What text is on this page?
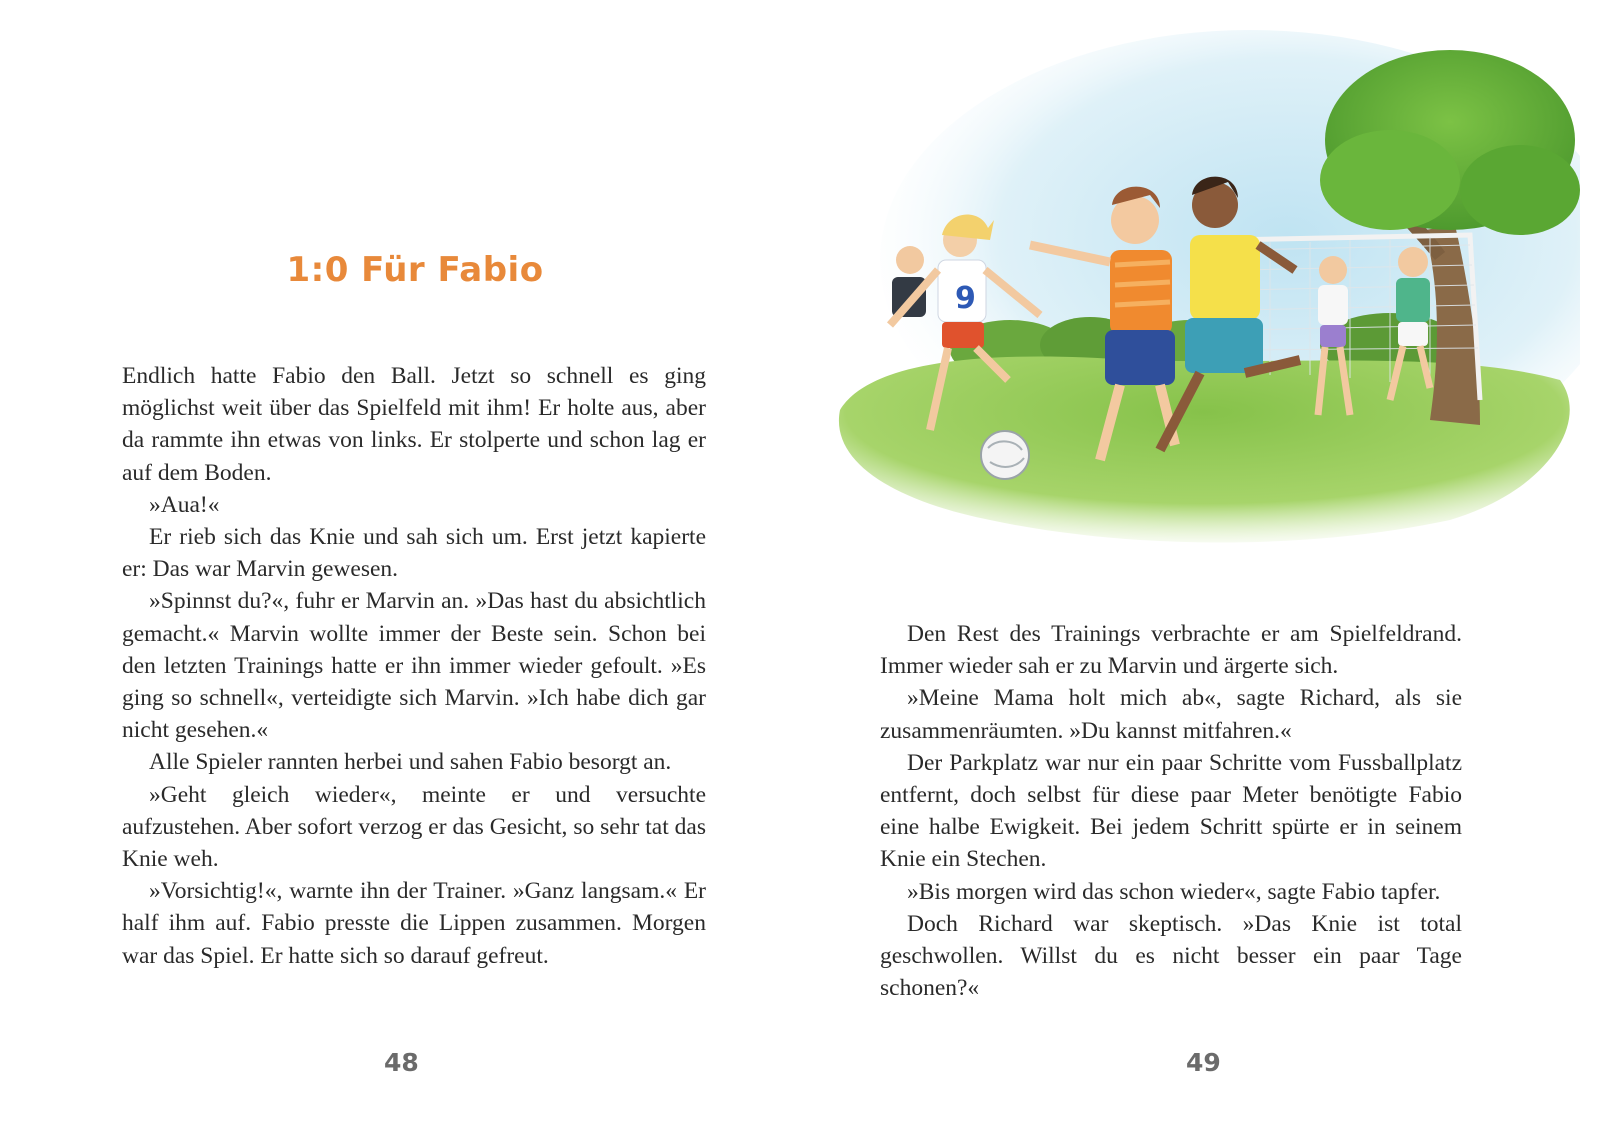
1:0 Für Fabio

Endlich hatte Fabio den Ball. Jetzt so schnell es ging möglichst weit über das Spielfeld mit ihm! Er holte aus, aber da rammte ihn etwas von links. Er stolperte und schon lag er auf dem Boden.

»Aua!«

Er rieb sich das Knie und sah sich um. Erst jetzt kapierte er: Das war Marvin gewesen.

»Spinnst du?«, fuhr er Marvin an. »Das hast du absichtlich gemacht.« Marvin wollte immer der Beste sein. Schon bei den letzten Trainings hatte er ihn immer wieder gefoult. »Es ging so schnell«, verteidigte sich Marvin. »Ich habe dich gar nicht gesehen.«

Alle Spieler rannten herbei und sahen Fabio besorgt an.

»Geht gleich wieder«, meinte er und versuchte aufzustehen. Aber sofort verzog er das Gesicht, so sehr tat das Knie weh.

»Vorsichtig!«, warnte ihn der Trainer. »Ganz langsam.« Er half ihm auf. Fabio presste die Lippen zusammen. Morgen war das Spiel. Er hatte sich so darauf gefreut.

48
9

Den Rest des Trainings verbrachte er am Spielfeldrand. Immer wieder sah er zu Marvin und ärgerte sich.

»Meine Mama holt mich ab«, sagte Richard, als sie zusammenräumten. »Du kannst mitfahren.«

Der Parkplatz war nur ein paar Schritte vom Fussballplatz entfernt, doch selbst für diese paar Meter benötigte Fabio eine halbe Ewigkeit. Bei jedem Schritt spürte er in seinem Knie ein Stechen.

»Bis morgen wird das schon wieder«, sagte Fabio tapfer.

Doch Richard war skeptisch. »Das Knie ist total geschwollen. Willst du es nicht besser ein paar Tage schonen?«

49
